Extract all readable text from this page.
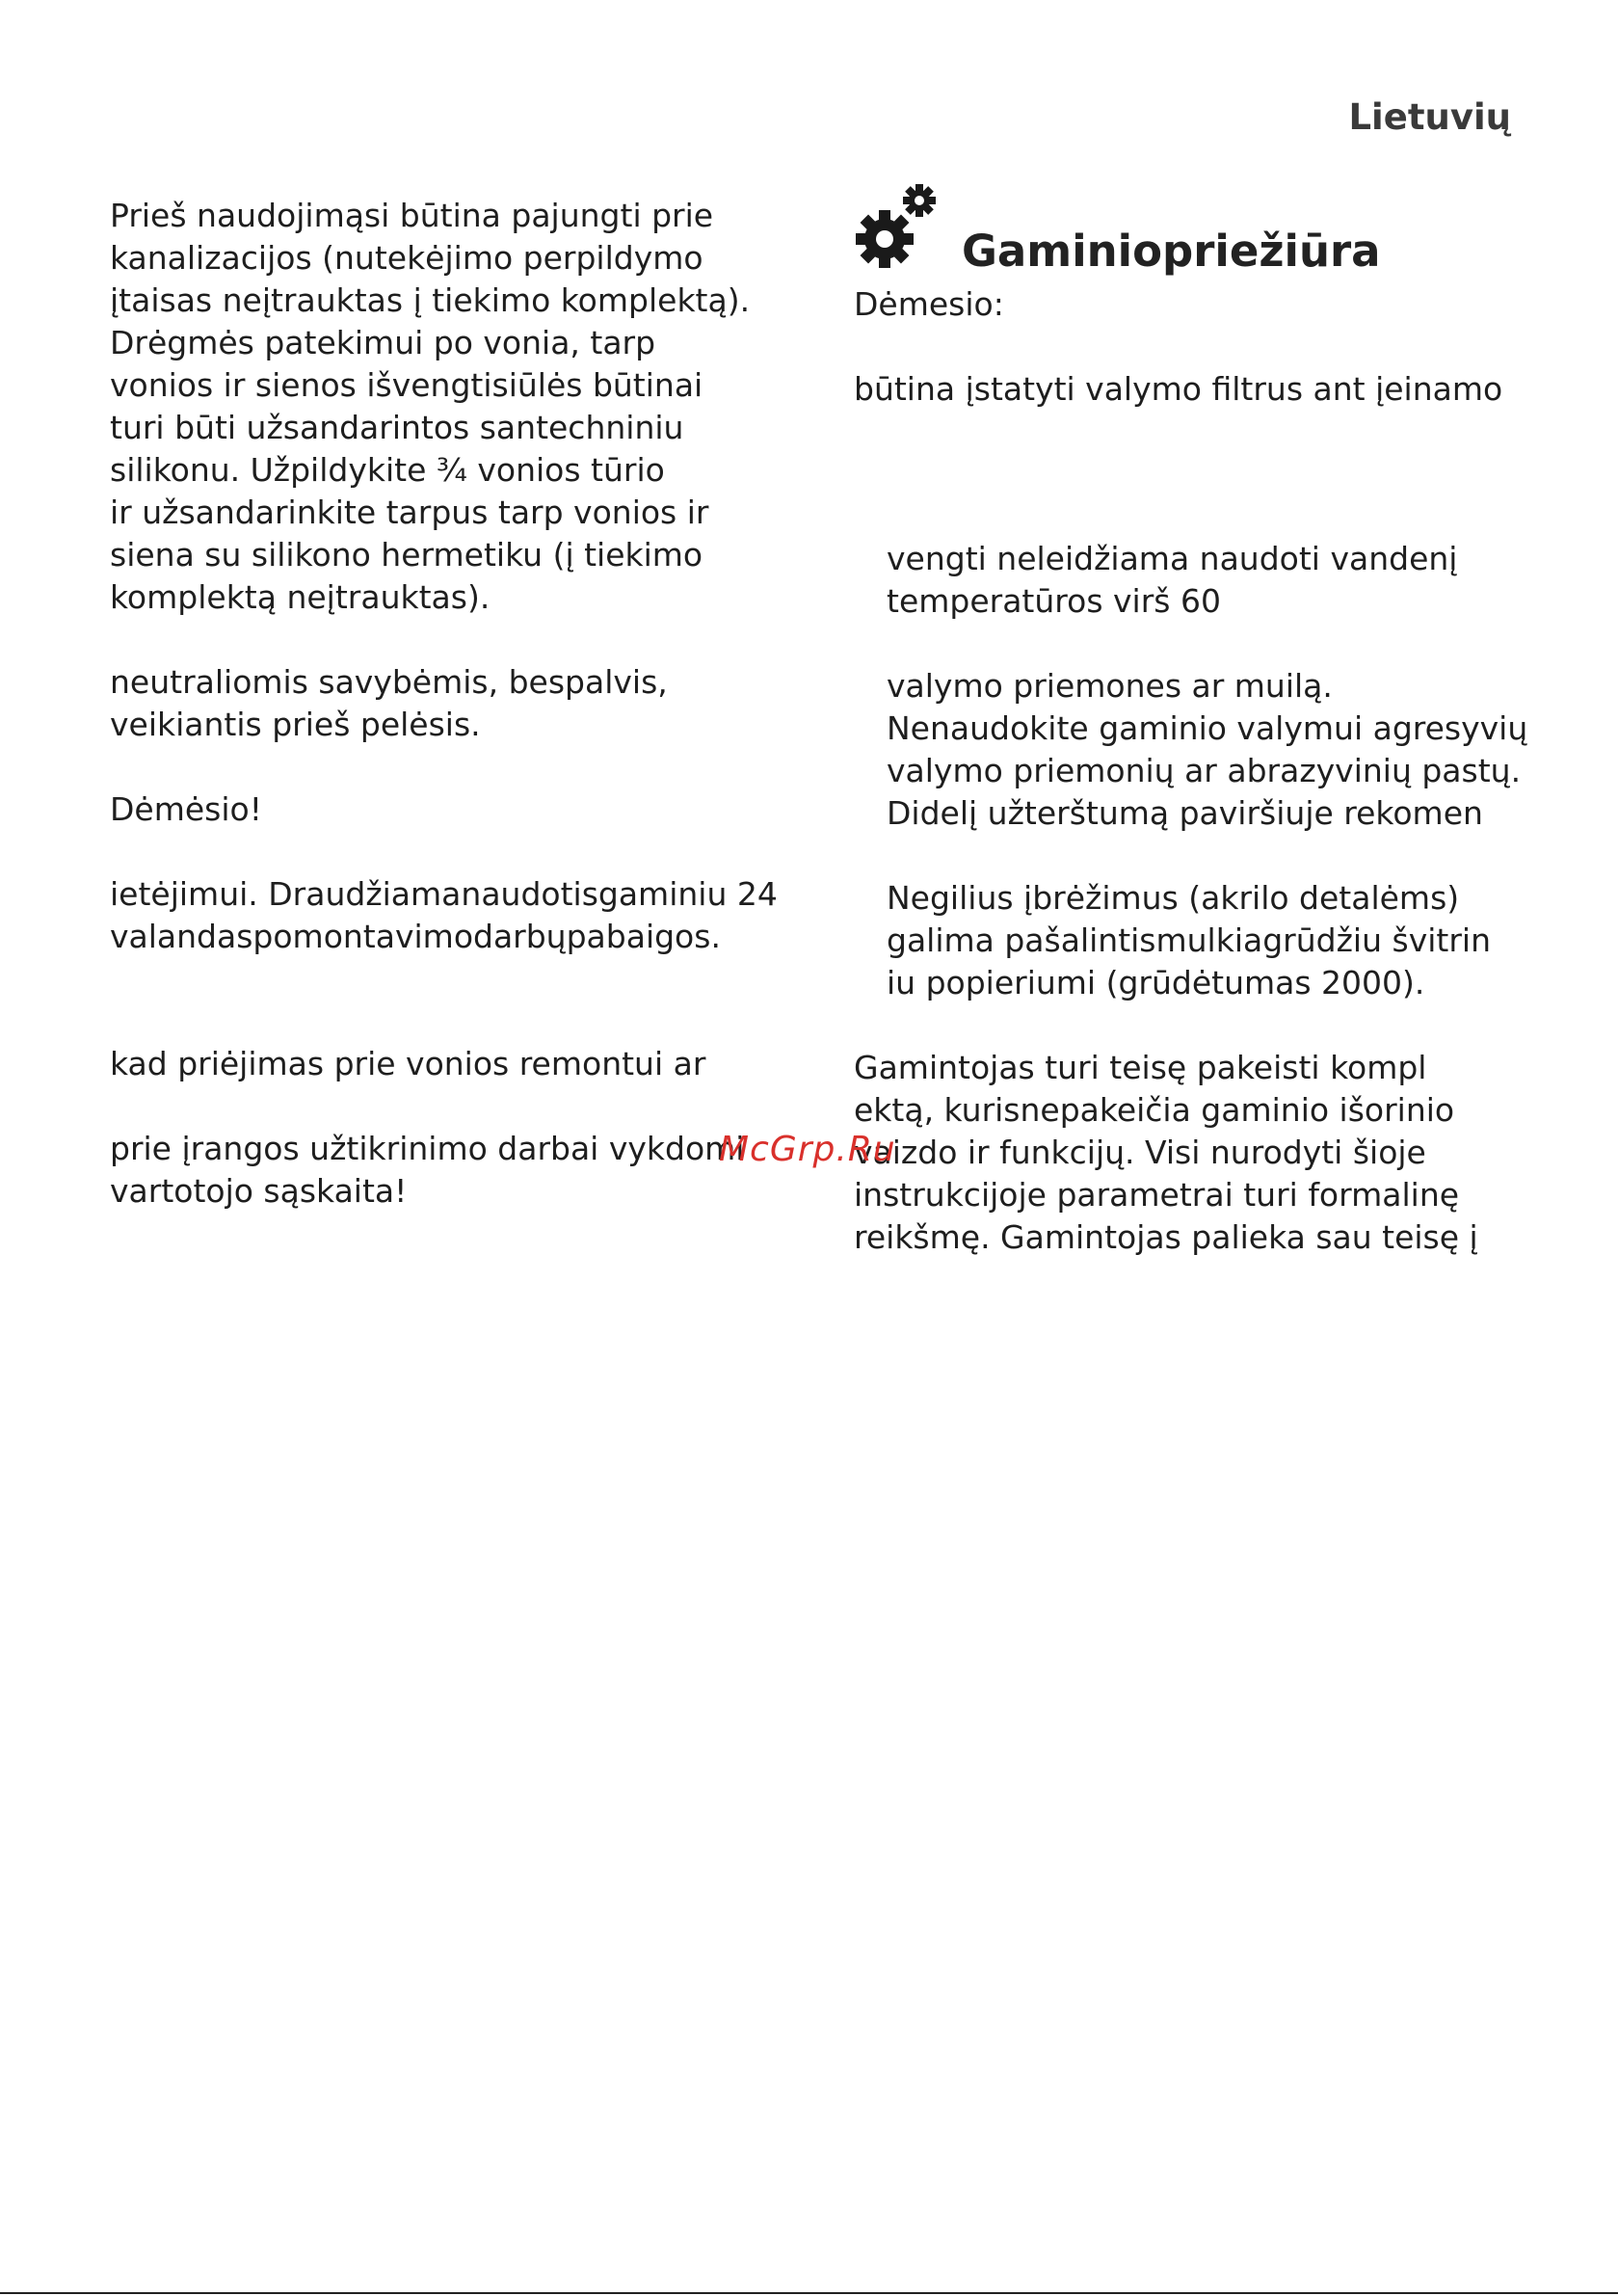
Lietuvių

Prieš naudojimąsi būtina pajungti prie

kanalizacijos (nutekėjimo perpildymo

įtaisas neįtrauktas į tiekimo komplektą).

Drėgmės patekimui po vonia, tarp

vonios ir sienos išvengtisiūlės būtinai

turi būti užsandarintos santechniniu

silikonu. Užpildykite ¾ vonios tūrio

ir užsandarinkite tarpus tarp vonios ir

siena su silikono hermetiku (į tiekimo

komplektą neįtrauktas).

neutraliomis savybėmis, bespalvis,

veikiantis prieš pelėsis.

Dėmėsio!

ietėjimui. Draudžiamanaudotisgaminiu 24

valandaspomontavimodarbųpabaigos.

kad priėjimas prie vonios remontui ar

prie įrangos užtikrinimo darbai vykdomi

vartotojo sąskaita!

Gaminiopriežiūra

Dėmesio:

būtina įstatyti valymo filtrus ant įeinamo

vengti neleidžiama naudoti vandenį

temperatūros virš 60

valymo priemones ar muilą.

Nenaudokite gaminio valymui agresyvių

valymo priemonių ar abrazyvinių pastų.

Didelį užterštumą paviršiuje rekomen

Negilius įbrėžimus (akrilo detalėms)

galima pašalintismulkiagrūdžiu švitrin

iu popieriumi (grūdėtumas 2000).

Gamintojas turi teisę pakeisti kompl

ektą, kurisnepakeičia gaminio išorinio

vaizdo ir funkcijų. Visi nurodyti šioje

instrukcijoje parametrai turi formalinę

reikšmę. Gamintojas palieka sau teisę į

McGrp.Ru
